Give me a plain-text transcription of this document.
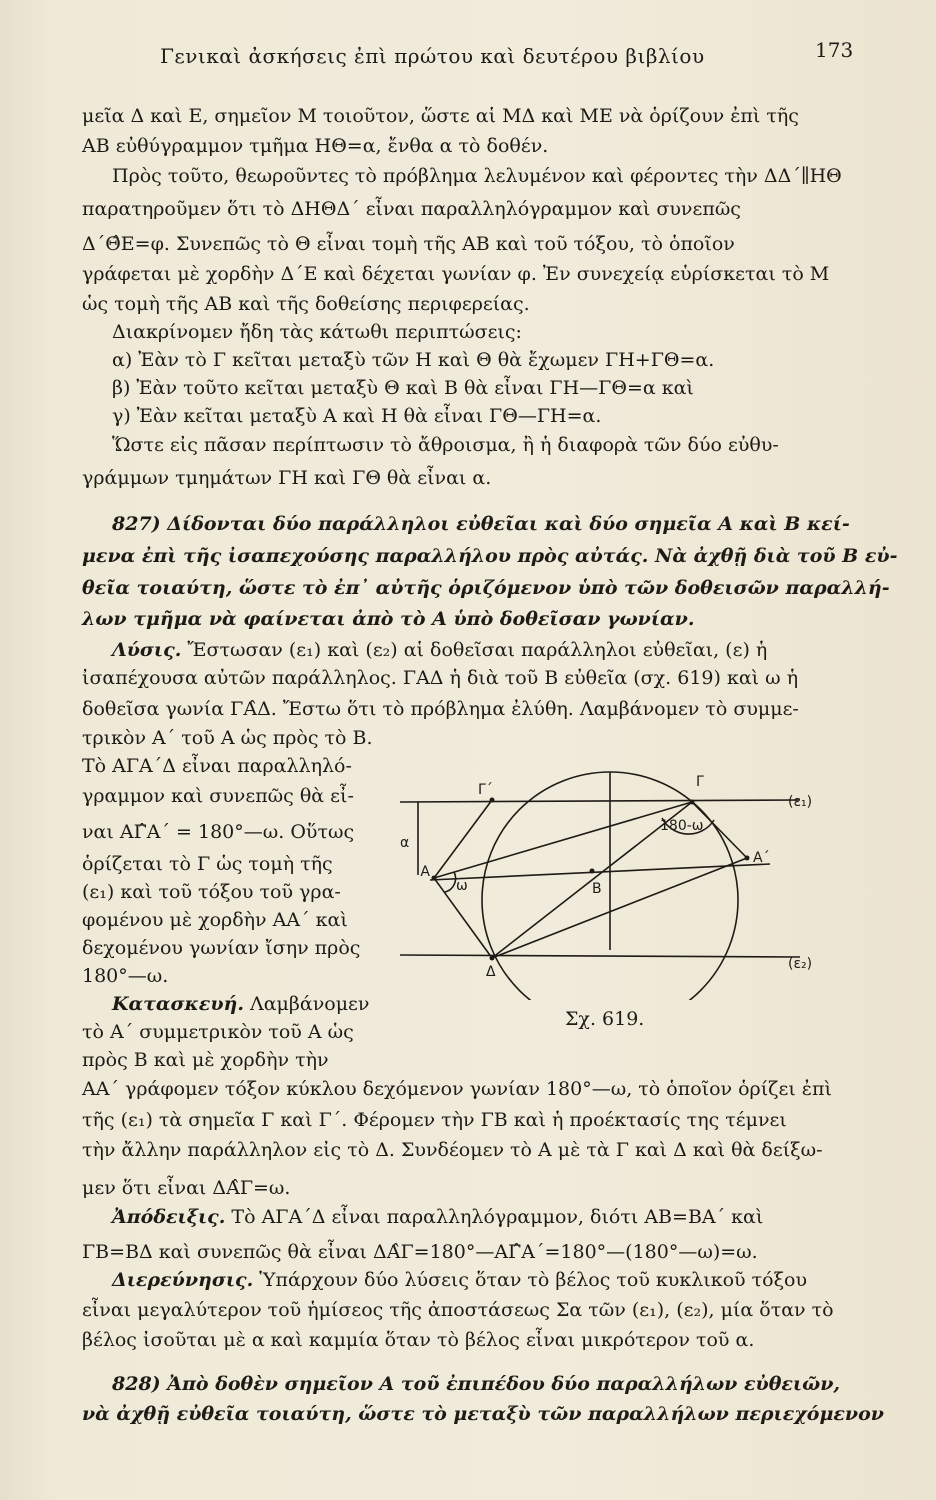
Γενικαὶ ἀσκήσεις ἐπὶ πρώτου καὶ δευτέρου βιβλίου	173
μεῖα Δ καὶ Ε, σημεῖον Μ τοιοῦτον, ὥστε αἱ ΜΔ καὶ ΜΕ νὰ ὁρίζουν ἐπὶ τῆς
ΑΒ εὐθύγραμμον τμῆμα ΗΘ=α, ἔνθα α τὸ δοθέν.
Πρὸς τοῦτο, θεωροῦντες τὸ πρόβλημα λελυμένον καὶ φέροντες τὴν ΔΔ΄∥ΗΘ
παρατηροῦμεν ὅτι τὸ ΔΗΘΔ΄ εἶναι παραλληλόγραμμον καὶ συνεπῶς
Δ΄Θ̂Ε=φ. Συνεπῶς τὸ Θ εἶναι τομὴ τῆς ΑΒ καὶ τοῦ τόξου, τὸ ὁποῖον
γράφεται μὲ χορδὴν Δ΄Ε καὶ δέχεται γωνίαν φ. Ἐν συνεχείᾳ εὑρίσκεται τὸ Μ
ὡς τομὴ τῆς ΑΒ καὶ τῆς δοθείσης περιφερείας.
Διακρίνομεν ἤδη τὰς κάτωθι περιπτώσεις:
α) Ἐὰν τὸ Γ κεῖται μεταξὺ τῶν Η καὶ Θ θὰ ἔχωμεν ΓΗ+ΓΘ=α.
β) Ἐὰν τοῦτο κεῖται μεταξὺ Θ καὶ Β θὰ εἶναι ΓΗ—ΓΘ=α καὶ
γ) Ἐὰν κεῖται μεταξὺ Α καὶ Η θὰ εἶναι ΓΘ—ΓΗ=α.
Ὥστε εἰς πᾶσαν περίπτωσιν τὸ ἄθροισμα, ἢ ἡ διαφορὰ τῶν δύο εὐθυ-
γράμμων τμημάτων ΓΗ καὶ ΓΘ θὰ εἶναι α.
827) Δίδονται δύο παράλληλοι εὐθεῖαι καὶ δύο σημεῖα Α καὶ Β κεί-
μενα ἐπὶ τῆς ἰσαπεχούσης παραλλήλου πρὸς αὐτάς. Νὰ ἀχθῇ διὰ τοῦ Β εὐ-
θεῖα τοιαύτη, ὥστε τὸ ἐπ᾽ αὐτῆς ὁριζόμενον ὑπὸ τῶν δοθεισῶν παραλλή-
λων τμῆμα νὰ φαίνεται ἀπὸ τὸ Α ὑπὸ δοθεῖσαν γωνίαν.
Λύσις. Ἔστωσαν (ε₁) καὶ (ε₂) αἱ δοθεῖσαι παράλληλοι εὐθεῖαι, (ε) ἡ
ἰσαπέχουσα αὐτῶν παράλληλος. ΓΑΔ ἡ διὰ τοῦ Β εὐθεῖα (σχ. 619) καὶ ω ἡ
δοθεῖσα γωνία ΓΑ̂Δ. Ἔστω ὅτι τὸ πρόβλημα ἐλύθη. Λαμβάνομεν τὸ συμμε-
τρικὸν Α΄ τοῦ Α ὡς πρὸς τὸ Β.
Τὸ ΑΓΑ΄Δ εἶναι παραλληλό-
γραμμον καὶ συνεπῶς θὰ εἶ-
ναι ΑΓ̂Α΄ = 180°—ω. Οὕτως
ὁρίζεται τὸ Γ ὡς τομὴ τῆς
(ε₁) καὶ τοῦ τόξου τοῦ γρα-
φομένου μὲ χορδὴν ΑΑ΄ καὶ
δεχομένου γωνίαν ἴσην πρὸς
180°—ω.
Κατασκευή. Λαμβάνομεν
τὸ Α΄ συμμετρικὸν τοῦ Α ὡς
πρὸς Β καὶ μὲ χορδὴν τὴν
ΑΑ΄ γράφομεν τόξον κύκλου δεχόμενον γωνίαν 180°—ω, τὸ ὁποῖον ὁρίζει ἐπὶ
τῆς (ε₁) τὰ σημεῖα Γ καὶ Γ΄. Φέρομεν τὴν ΓΒ καὶ ἡ προέκτασίς της τέμνει
τὴν ἄλλην παράλληλον εἰς τὸ Δ. Συνδέομεν τὸ Α μὲ τὰ Γ καὶ Δ καὶ θὰ δείξω-
μεν ὅτι εἶναι ΔΑ̂Γ=ω.
Ἀπόδειξις. Τὸ ΑΓΑ΄Δ εἶναι παραλληλόγραμμον, διότι ΑΒ=ΒΑ΄ καὶ
ΓΒ=ΒΔ καὶ συνεπῶς θὰ εἶναι ΔΑ̂Γ=180°—ΑΓ̂Α΄=180°—(180°—ω)=ω.
Διερεύνησις. Ὑπάρχουν δύο λύσεις ὅταν τὸ βέλος τοῦ κυκλικοῦ τόξου
εἶναι μεγαλύτερον τοῦ ἡμίσεος τῆς ἀποστάσεως Σα τῶν (ε₁), (ε₂), μία ὅταν τὸ
βέλος ἰσοῦται μὲ α καὶ καμμία ὅταν τὸ βέλος εἶναι μικρότερον τοῦ α.
828) Ἀπὸ δοθὲν σημεῖον Α τοῦ ἐπιπέδου δύο παραλλήλων εὐθειῶν,
νὰ ἀχθῇ εὐθεῖα τοιαύτη, ὥστε τὸ μεταξὺ τῶν παραλλήλων περιεχόμενον
Γ
Γ΄
Α
Α΄
Β
Δ
α
ω
180-ω
(ε₁)
(ε₂)
Σχ. 619.
